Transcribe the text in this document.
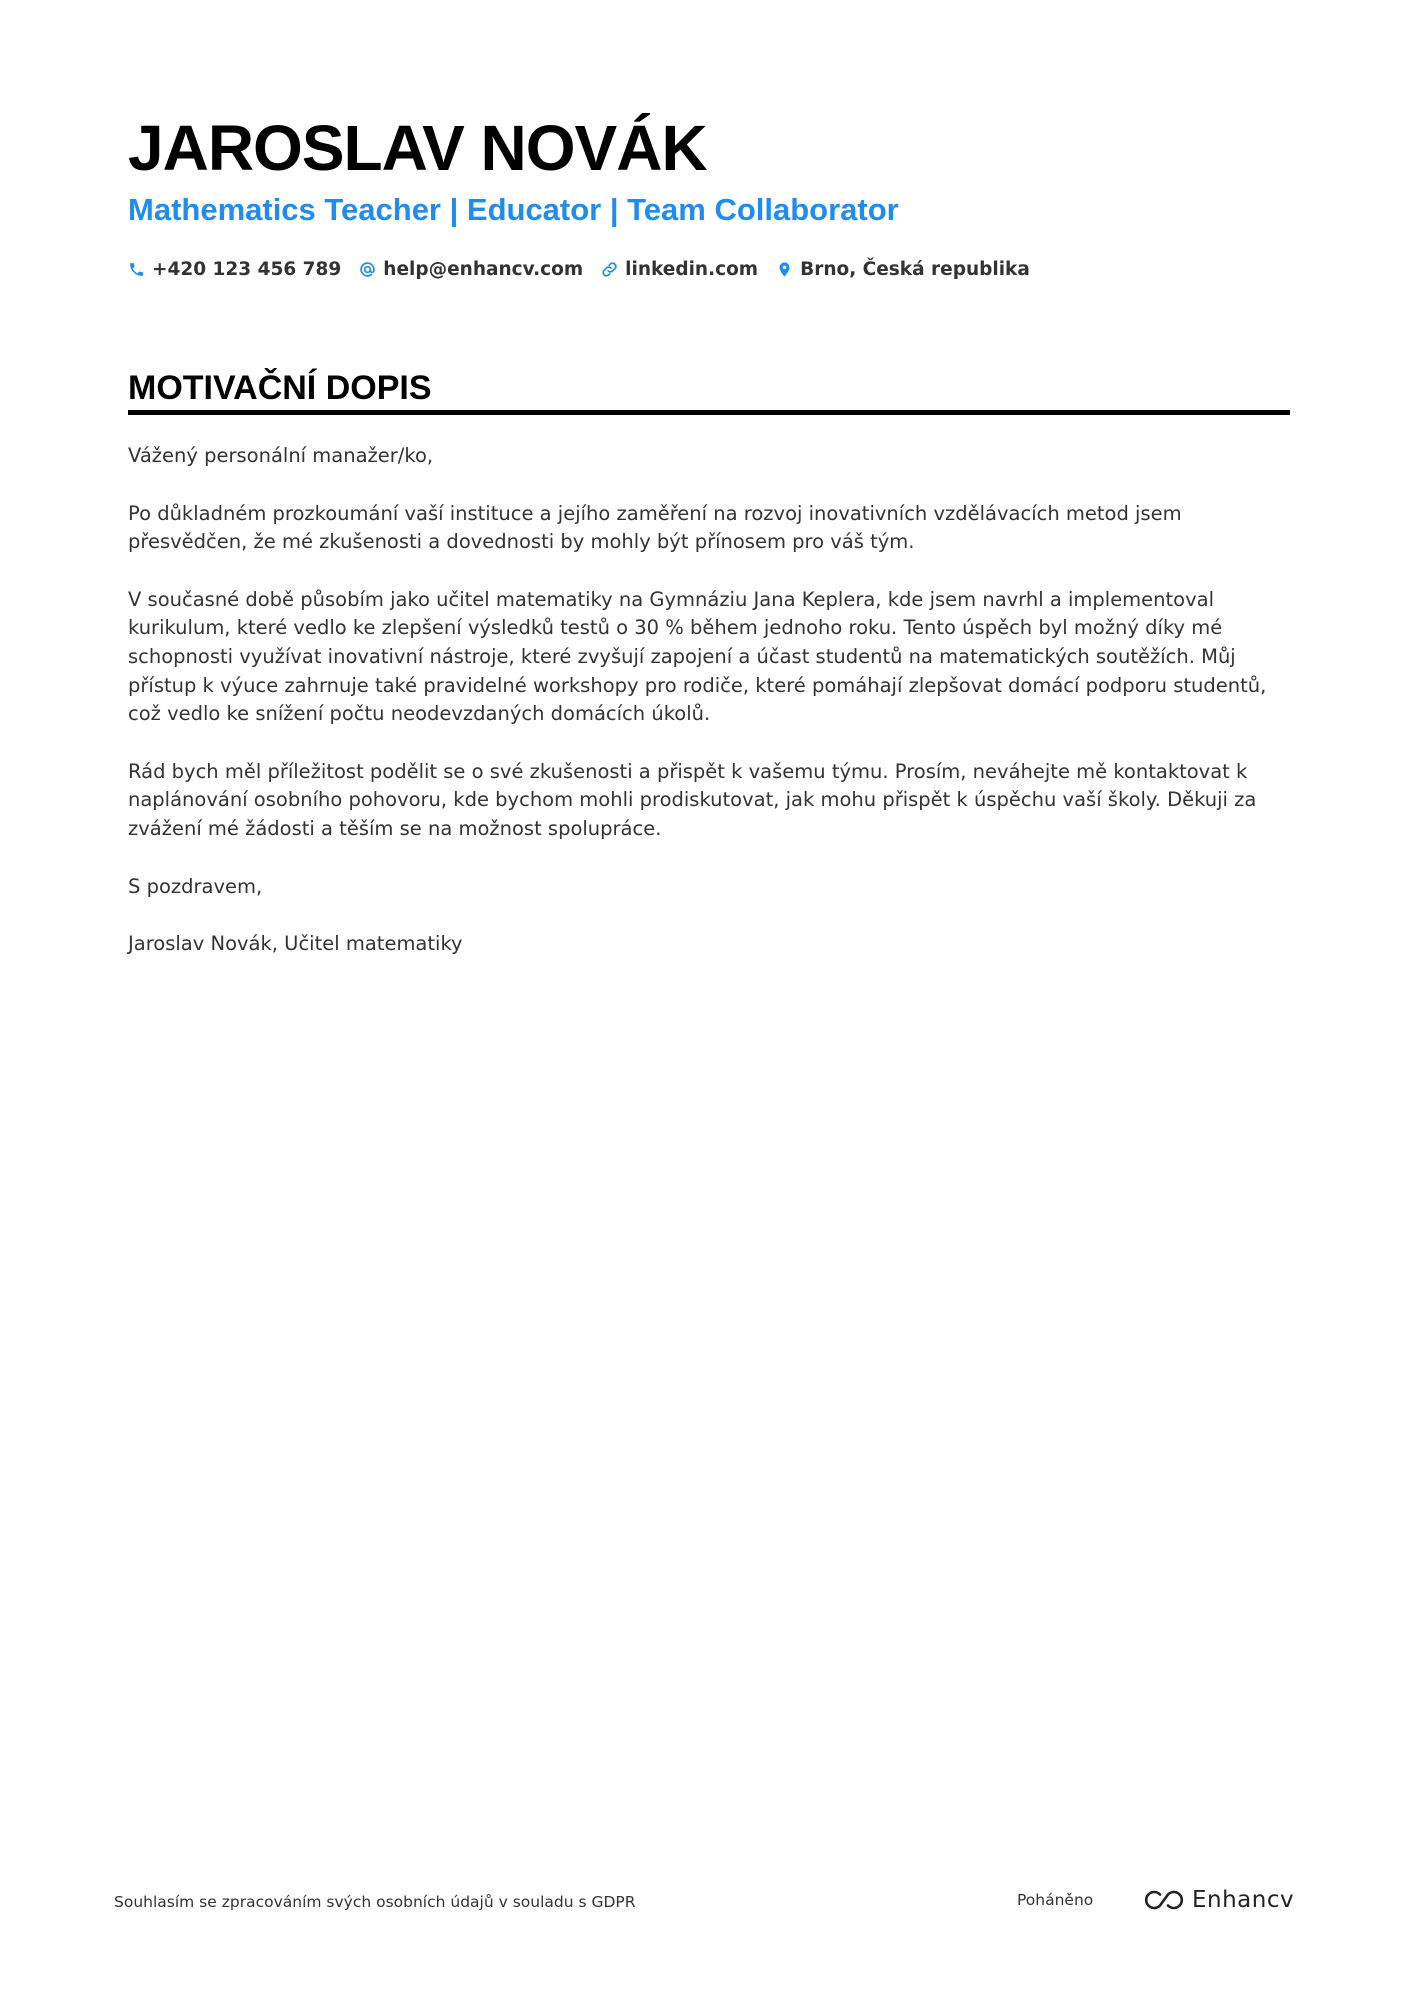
JAROSLAV NOVÁK
Mathematics Teacher | Educator | Team Collaborator
+420 123 456 789 help@enhancv.com linkedin.com Brno, Česká republika
MOTIVAČNÍ DOPIS

Vážený personální manažer/ko,

Po důkladném prozkoumání vaší instituce a jejího zaměření na rozvoj inovativních vzdělávacích metod jsem přesvědčen, že mé zkušenosti a dovednosti by mohly být přínosem pro váš tým.

V současné době působím jako učitel matematiky na Gymnáziu Jana Keplera, kde jsem navrhl a implementoval kurikulum, které vedlo ke zlepšení výsledků testů o 30 % během jednoho roku. Tento úspěch byl možný díky mé schopnosti využívat inovativní nástroje, které zvyšují zapojení a účast studentů na matematických soutěžích. Můj přístup k výuce zahrnuje také pravidelné workshopy pro rodiče, které pomáhají zlepšovat domácí podporu studentů, což vedlo ke snížení počtu neodevzdaných domácích úkolů.

Rád bych měl příležitost podělit se o své zkušenosti a přispět k vašemu týmu. Prosím, neváhejte mě kontaktovat k naplánování osobního pohovoru, kde bychom mohli prodiskutovat, jak mohu přispět k úspěchu vaší školy. Děkuji za zvážení mé žádosti a těším se na možnost spolupráce.

S pozdravem,

Jaroslav Novák, Učitel matematiky

Souhlasím se zpracováním svých osobních údajů v souladu s GDPR	Poháněno	Enhancv
